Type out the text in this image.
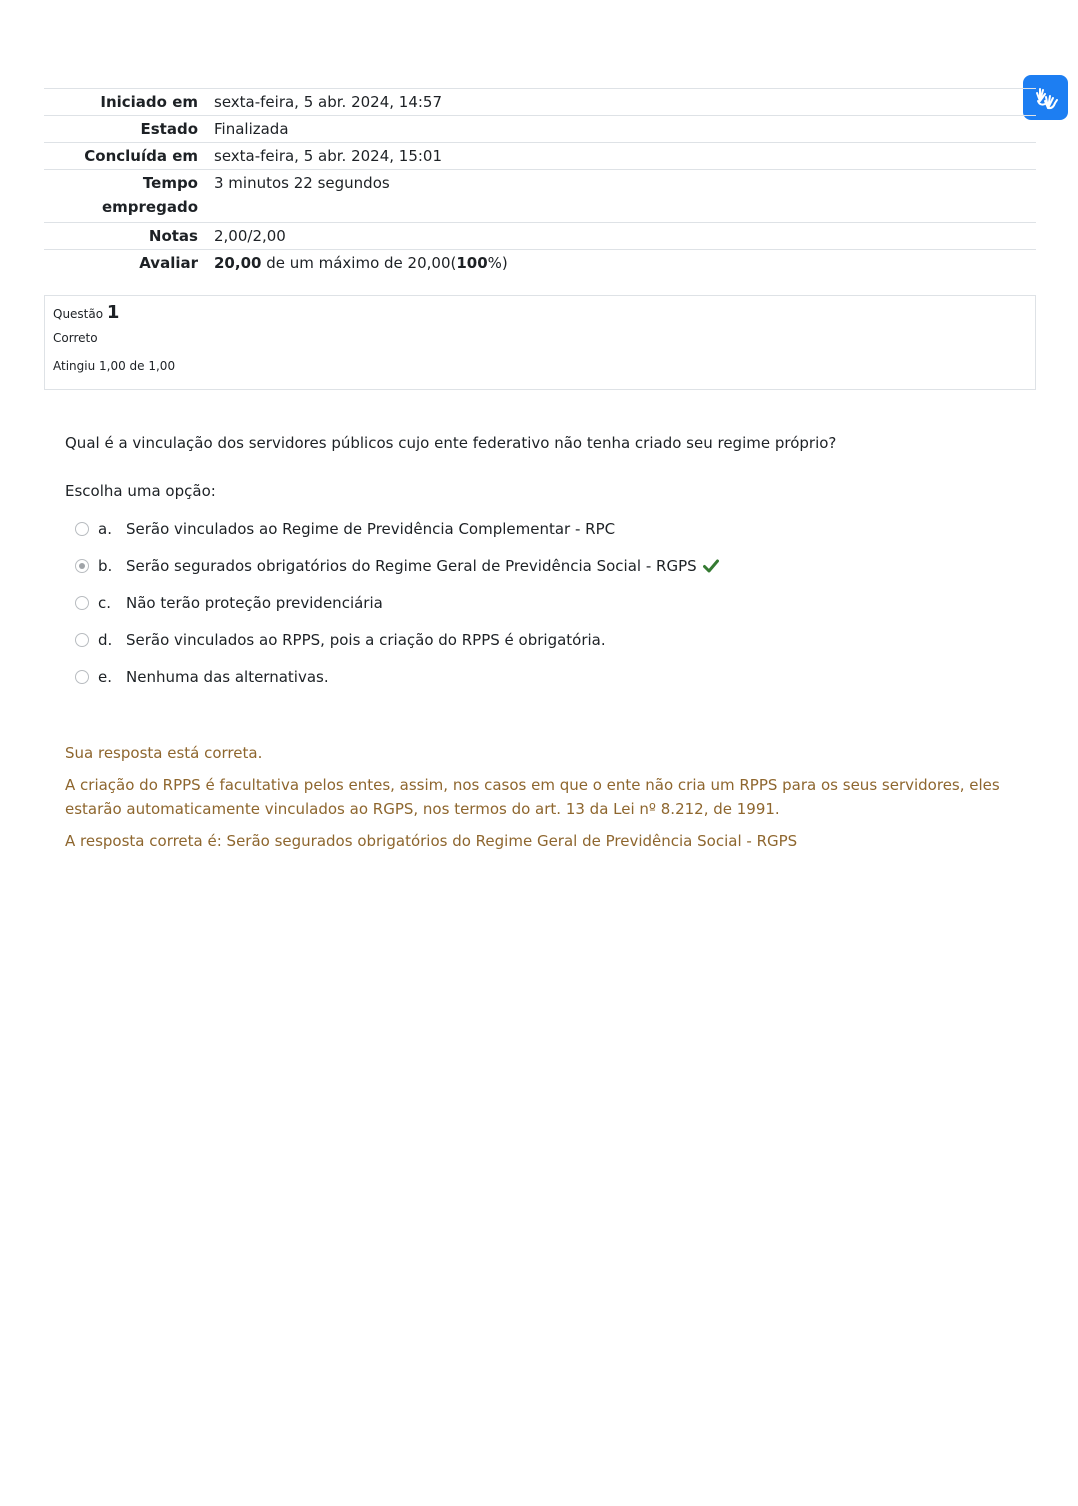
Iniciado em	sexta-feira, 5 abr. 2024, 14:57
Estado	Finalizada
Concluída em	sexta-feira, 5 abr. 2024, 15:01
Tempo
empregado	3 minutos 22 segundos
Notas	2,00/2,00
Avaliar	20,00 de um máximo de 20,00(100%)
Questão 1
Correto
Atingiu 1,00 de 1,00
Qual é a vinculação dos servidores públicos cujo ente federativo não tenha criado seu regime próprio?
Escolha uma opção:
a. Serão vinculados ao Regime de Previdência Complementar - RPC
b. Serão segurados obrigatórios do Regime Geral de Previdência Social - RGPS
c. Não terão proteção previdenciária
d. Serão vinculados ao RPPS, pois a criação do RPPS é obrigatória.
e. Nenhuma das alternativas.
Sua resposta está correta.
A criação do RPPS é facultativa pelos entes, assim, nos casos em que o ente não cria um RPPS para os seus servidores, eles estarão automaticamente vinculados ao RGPS, nos termos do art. 13 da Lei nº 8.212, de 1991.
A resposta correta é: Serão segurados obrigatórios do Regime Geral de Previdência Social - RGPS
